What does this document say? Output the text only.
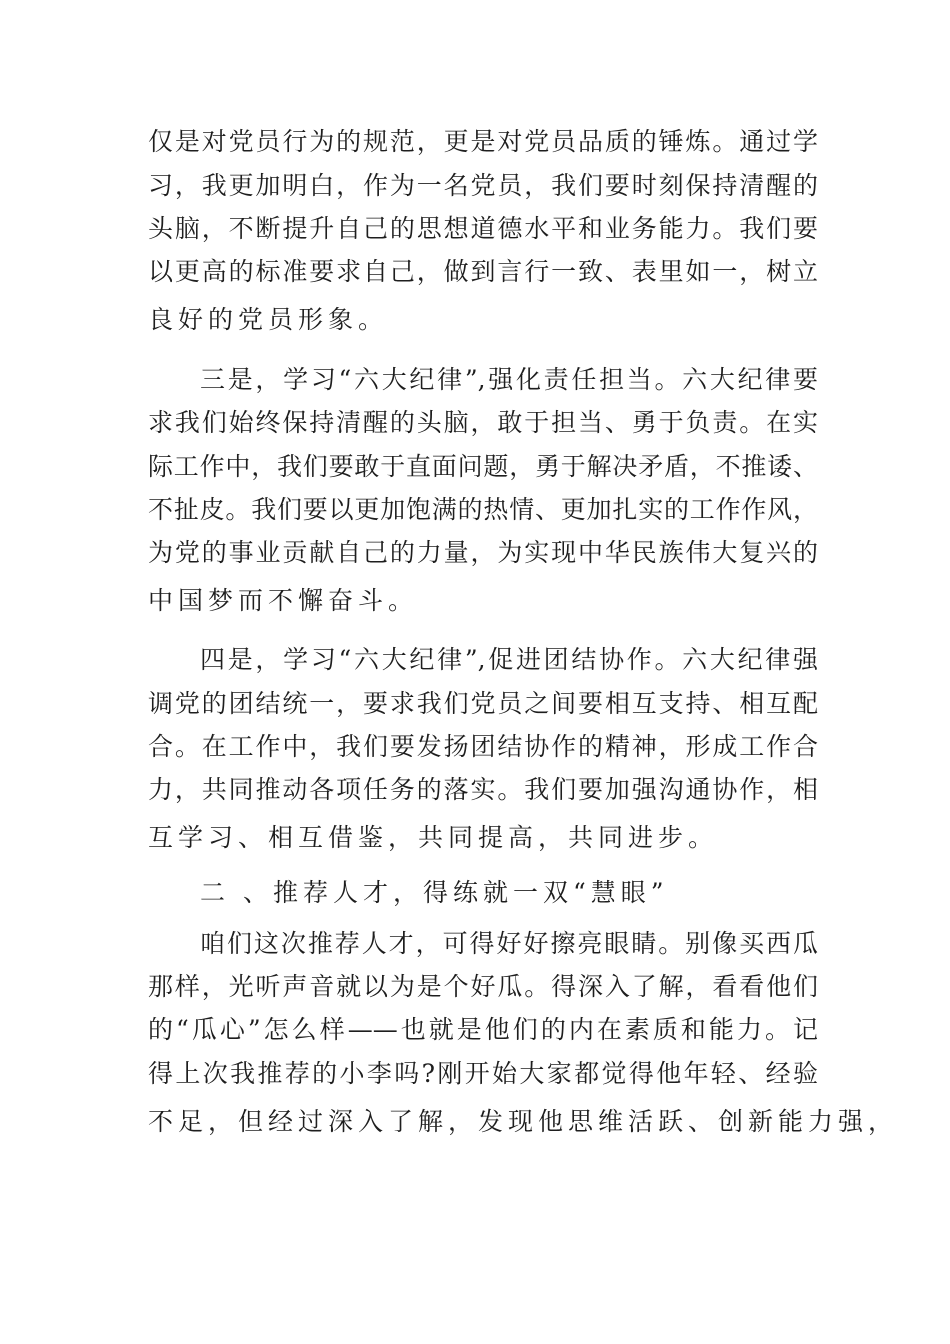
仅是对党员行为的规范，更是对党员品质的锤炼。通过学
习，我更加明白，作为一名党员，我们要时刻保持清醒的
头脑，不断提升自己的思想道德水平和业务能力。我们要
以更高的标准要求自己，做到言行一致、表里如一，树立
良好的党员形象。
三是，学习“六大纪律”,强化责任担当。六大纪律要
求我们始终保持清醒的头脑，敢于担当、勇于负责。在实
际工作中，我们要敢于直面问题，勇于解决矛盾，不推诿、
不扯皮。我们要以更加饱满的热情、更加扎实的工作作风，
为党的事业贡献自己的力量，为实现中华民族伟大复兴的
中国梦而不懈奋斗。
四是，学习“六大纪律”,促进团结协作。六大纪律强
调党的团结统一，要求我们党员之间要相互支持、相互配
合。在工作中，我们要发扬团结协作的精神，形成工作合
力，共同推动各项任务的落实。我们要加强沟通协作，相
互学习、相互借鉴，共同提高，共同进步。
二 、推荐人才，得练就一双“慧眼”
咱们这次推荐人才，可得好好擦亮眼睛。别像买西瓜
那样，光听声音就以为是个好瓜。得深入了解，看看他们
的“瓜心”怎么样——也就是他们的内在素质和能力。记
得上次我推荐的小李吗?刚开始大家都觉得他年轻、经验
不足，但经过深入了解，发现他思维活跃、创新能力强，
